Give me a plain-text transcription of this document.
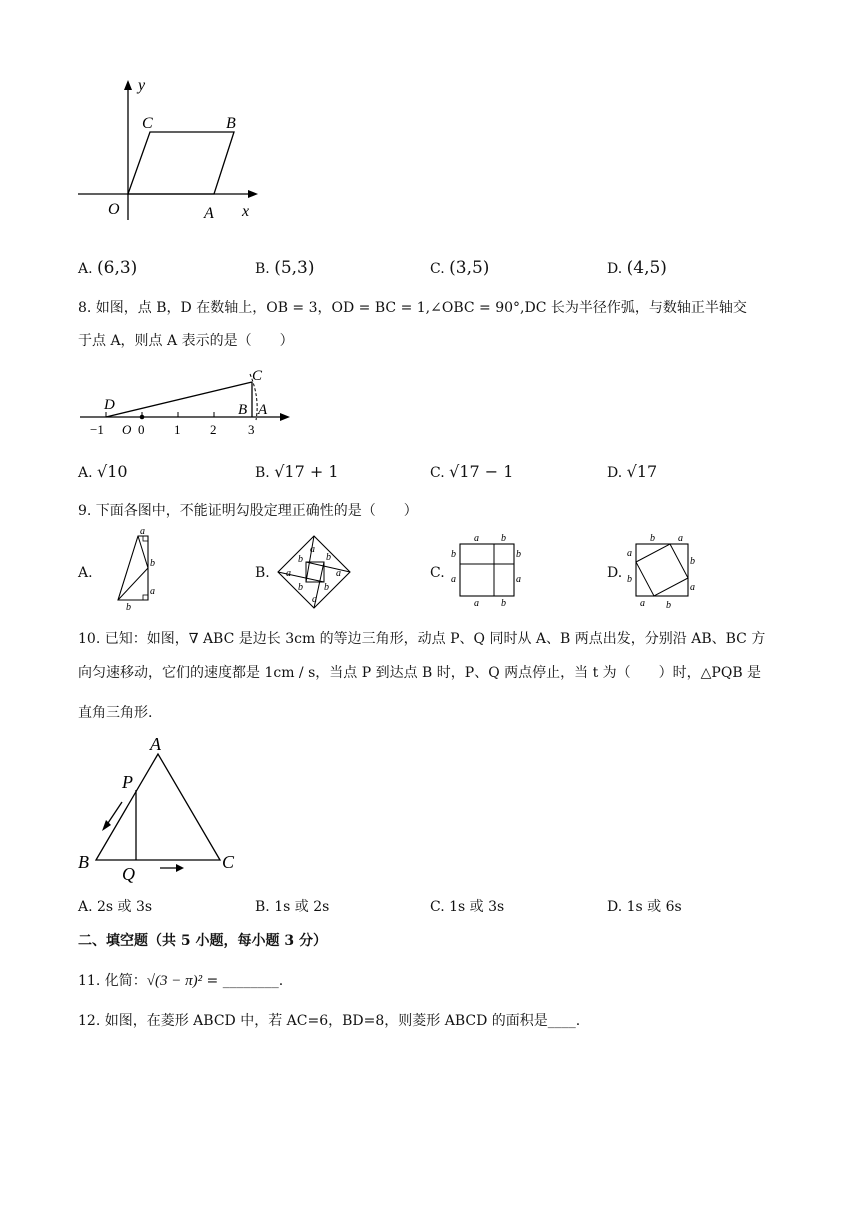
y
x
O	A
B
C
A. (6,3)	B. (5,3)	C. (3,5)	D. (4,5)
8. 如图，点 B，D 在数轴上，OB = 3，OD = BC = 1,∠OBC = 90°,DC 长为半径作弧，与数轴正半轴交
于点 A，则点 A 表示的是（　　）
D
C
B A
−1 O 0 1 2 3
A. √10	B. √17 + 1	C. √17 − 1	D. √17
9. 下面各图中，不能证明勾股定理正确性的是（　　）
A.
a
b
a
b
B.
a
b b
a	a
b b
a
C.
a b
b	b
a	a
a b
D.
b a
a
b
b
a
a b
10. 已知：如图，∇ ABC 是边长 3cm 的等边三角形，动点 P、Q 同时从 A、B 两点出发，分别沿 AB、BC 方
向匀速移动，它们的速度都是 1cm / s，当点 P 到达点 B 时，P、Q 两点停止，当 t 为（　　）时，△PQB 是
直角三角形.
A
B	C
P
Q
A. 2s 或 3s	B. 1s 或 2s	C. 1s 或 3s	D. 1s 或 6s
二、填空题（共 5 小题，每小题 3 分）
11. 化简：√(3 − π)² = ________.
12. 如图，在菱形 ABCD 中，若 AC=6，BD=8，则菱形 ABCD 的面积是____.
